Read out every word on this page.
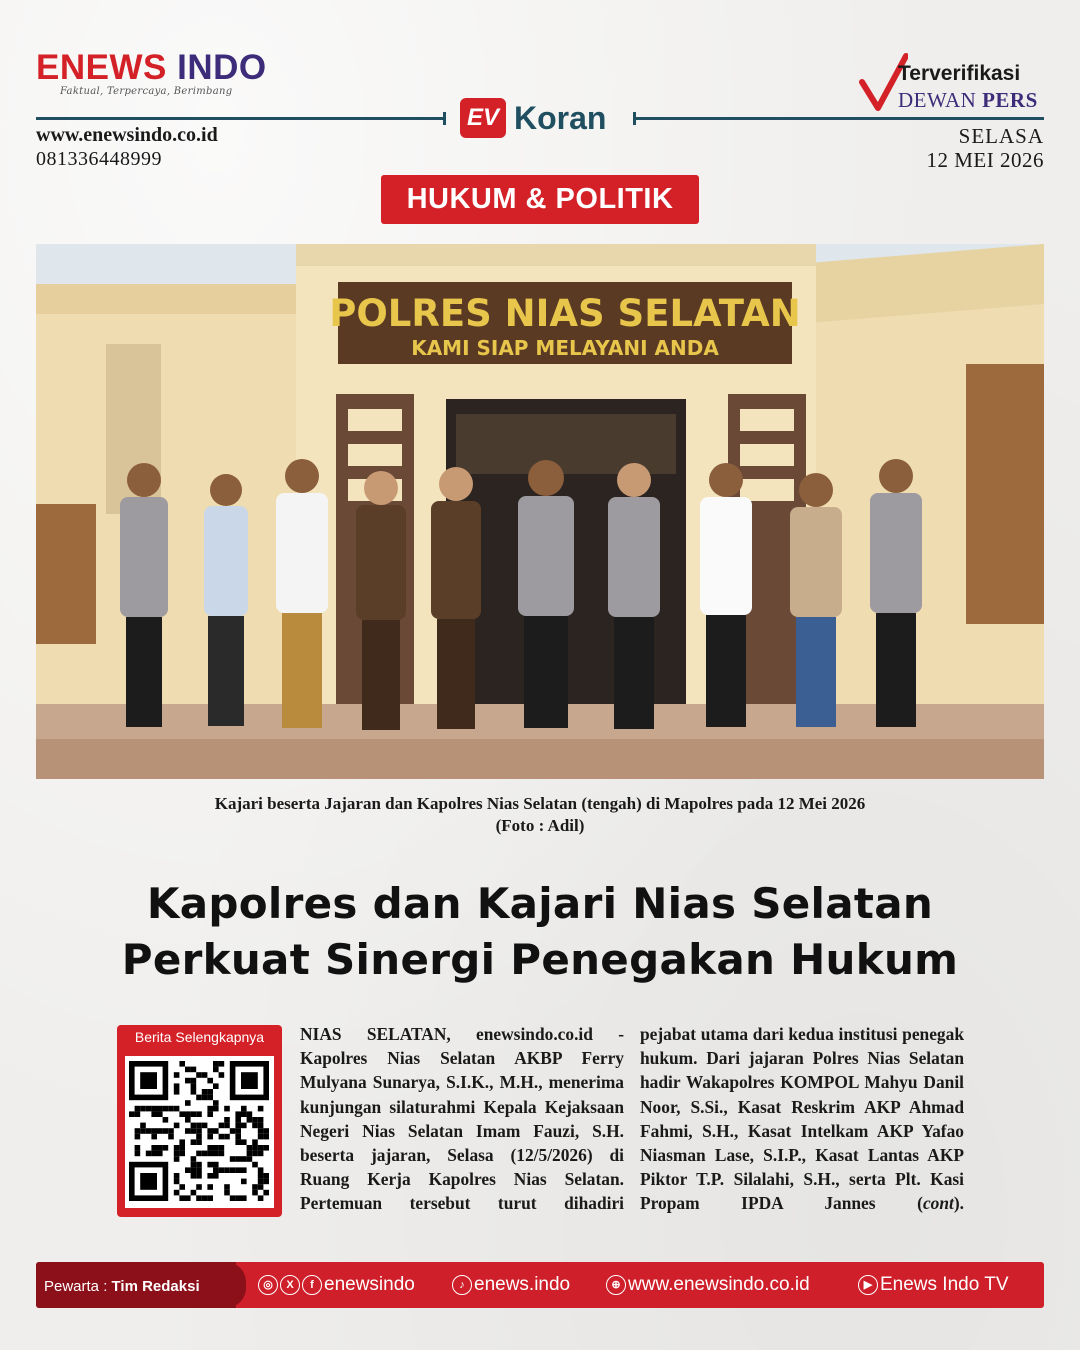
ENEWS INDO
Faktual, Terpercaya, Berimbang
www.enewsindo.co.id
081336448999
EV Koran
Terverifikasi
DEWAN PERS
SELASA
12 MEI 2026
HUKUM & POLITIK
POLRES NIAS SELATAN
KAMI SIAP MELAYANI ANDA
Kajari beserta Jajaran dan Kapolres Nias Selatan (tengah) di Mapolres pada 12 Mei 2026
(Foto : Adil)
Kapolres dan Kajari Nias Selatan
Perkuat Sinergi Penegakan Hukum
Berita Selengkapnya	NIAS SELATAN, enewsindo.co.id - Kapolres Nias Selatan AKBP Ferry Mulyana Sunarya, S.I.K., M.H., menerima kunjungan silaturahmi Kepala Kejaksaan Negeri Nias Selatan Imam Fauzi, S.H. beserta jajaran, Selasa (12/5/2026) di Ruang Kerja Kapolres Nias Selatan. Pertemuan tersebut turut dihadiri
pejabat utama dari kedua institusi penegak hukum. Dari jajaran Polres Nias Selatan hadir Wakapolres KOMPOL Mahyu Danil Noor, S.Si., Kasat Reskrim AKP Ahmad Fahmi, S.H., Kasat Intelkam AKP Yafao Niasman Lase, S.I.P., Kasat Lantas AKP Piktor T.P. Silalahi, S.H., serta Plt. Kasi Propam IPDA Jannes (cont).
Pewarta : Tim Redaksi	◎ X f enewsindo	♪ enews.indo	⊕ www.enewsindo.co.id	▶ Enews Indo TV
